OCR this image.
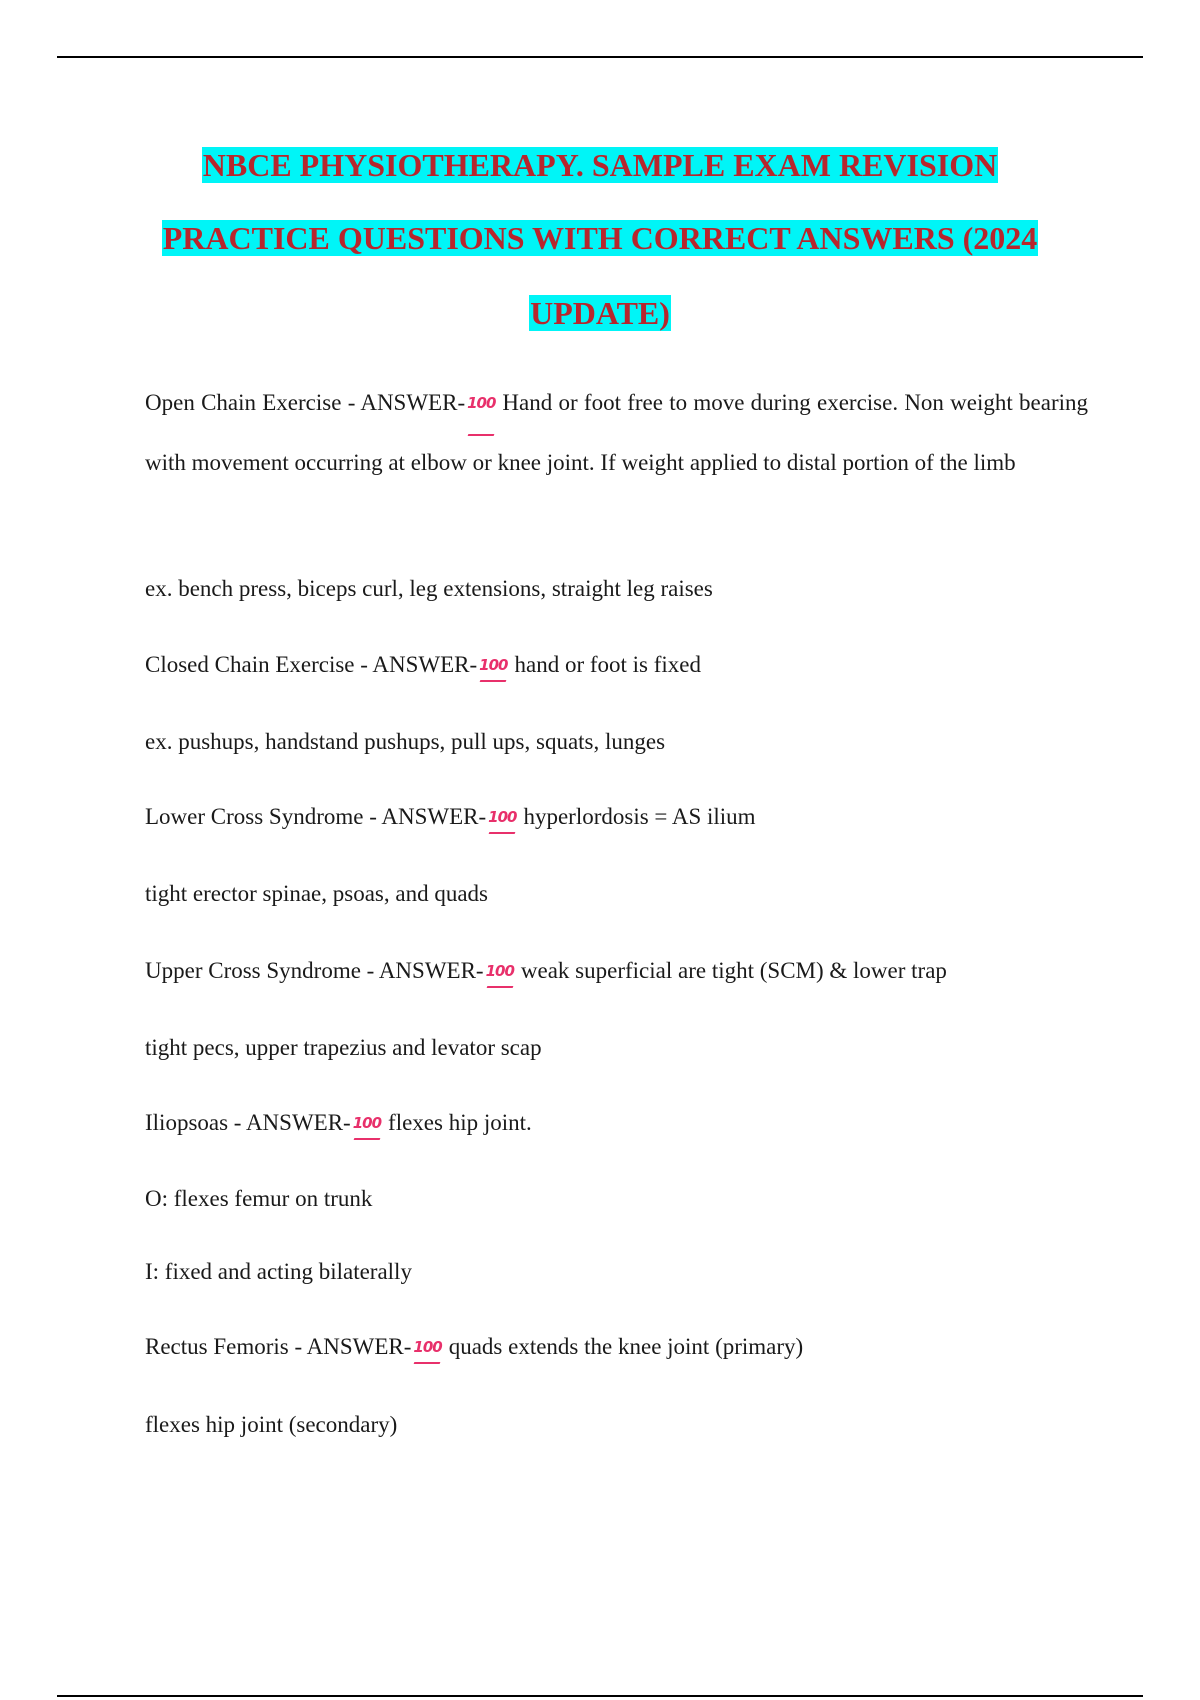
NBCE PHYSIOTHERAPY. SAMPLE EXAM REVISION
PRACTICE QUESTIONS WITH CORRECT ANSWERS (2024
UPDATE)
Open Chain Exercise - ANSWER- 100 Hand or foot free to move during exercise. Non weight bearing with movement occurring at elbow or knee joint. If weight applied to distal portion of the limb
ex. bench press, biceps curl, leg extensions, straight leg raises
Closed Chain Exercise - ANSWER- 100 hand or foot is fixed
ex. pushups, handstand pushups, pull ups, squats, lunges
Lower Cross Syndrome - ANSWER- 100 hyperlordosis = AS ilium
tight erector spinae, psoas, and quads
Upper Cross Syndrome - ANSWER- 100 weak superficial are tight (SCM) & lower trap
tight pecs, upper trapezius and levator scap
Iliopsoas - ANSWER- 100 flexes hip joint.
O: flexes femur on trunk
I: fixed and acting bilaterally
Rectus Femoris - ANSWER- 100 quads extends the knee joint (primary)
flexes hip joint (secondary)
